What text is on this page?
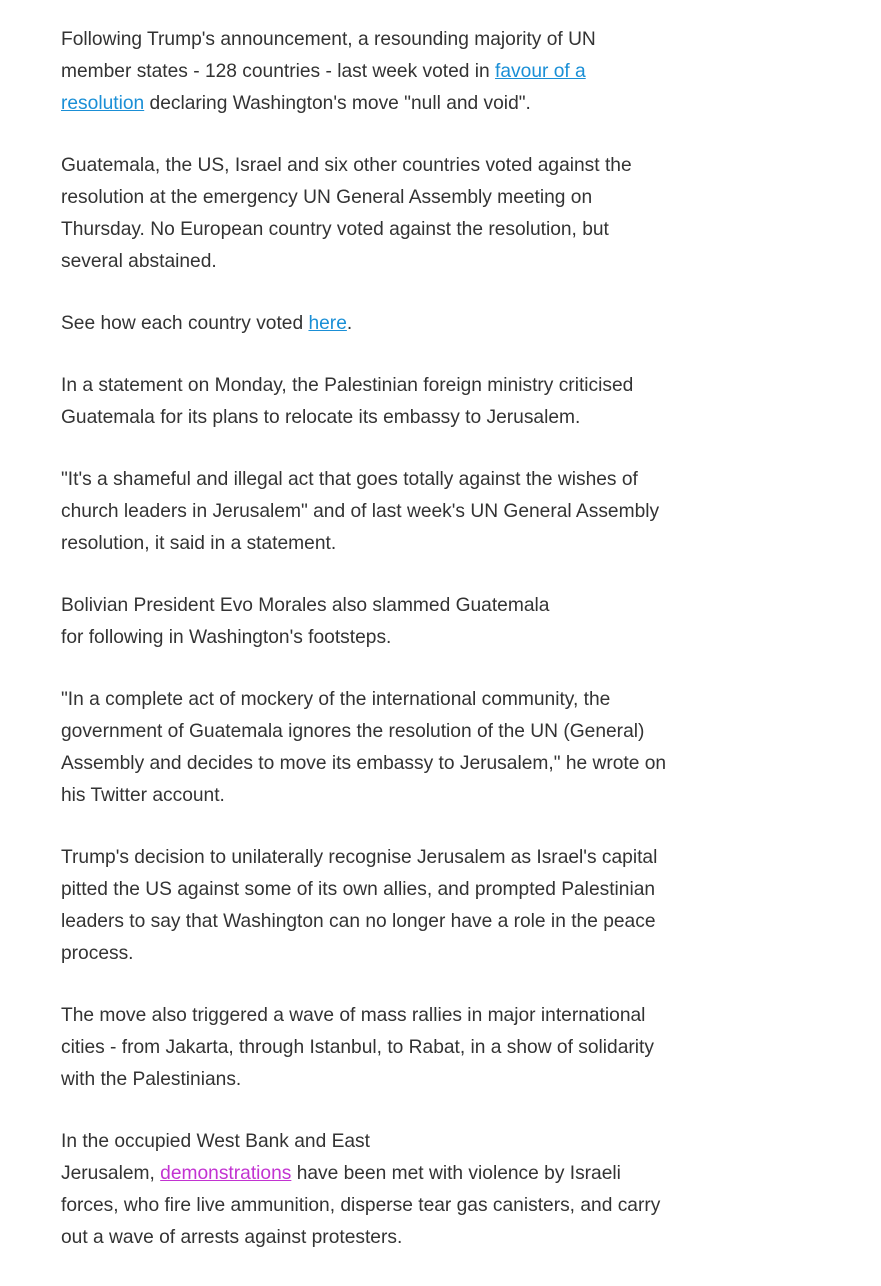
Following Trump's announcement, a resounding majority of UN member states - 128 countries - last week voted in favour of a resolution declaring Washington's move "null and void".

Guatemala, the US, Israel and six other countries voted against the resolution at the emergency UN General Assembly meeting on Thursday. No European country voted against the resolution, but several abstained.

See how each country voted here.

In a statement on Monday, the Palestinian foreign ministry criticised Guatemala for its plans to relocate its embassy to Jerusalem.

"It's a shameful and illegal act that goes totally against the wishes of church leaders in Jerusalem" and of last week's UN General Assembly resolution, it said in a statement.

Bolivian President Evo Morales also slammed Guatemala
for following in Washington's footsteps.

"In a complete act of mockery of the international community, the government of Guatemala ignores the resolution of the UN (General) Assembly and decides to move its embassy to Jerusalem," he wrote on his Twitter account.

Trump's decision to unilaterally recognise Jerusalem as Israel's capital pitted the US against some of its own allies, and prompted Palestinian leaders to say that Washington can no longer have a role in the peace process.

The move also triggered a wave of mass rallies in major international cities - from Jakarta, through Istanbul, to Rabat, in a show of solidarity with the Palestinians.

In the occupied West Bank and East
Jerusalem, demonstrations have been met with violence by Israeli forces, who fire live ammunition, disperse tear gas canisters, and carry out a wave of arrests against protesters.
